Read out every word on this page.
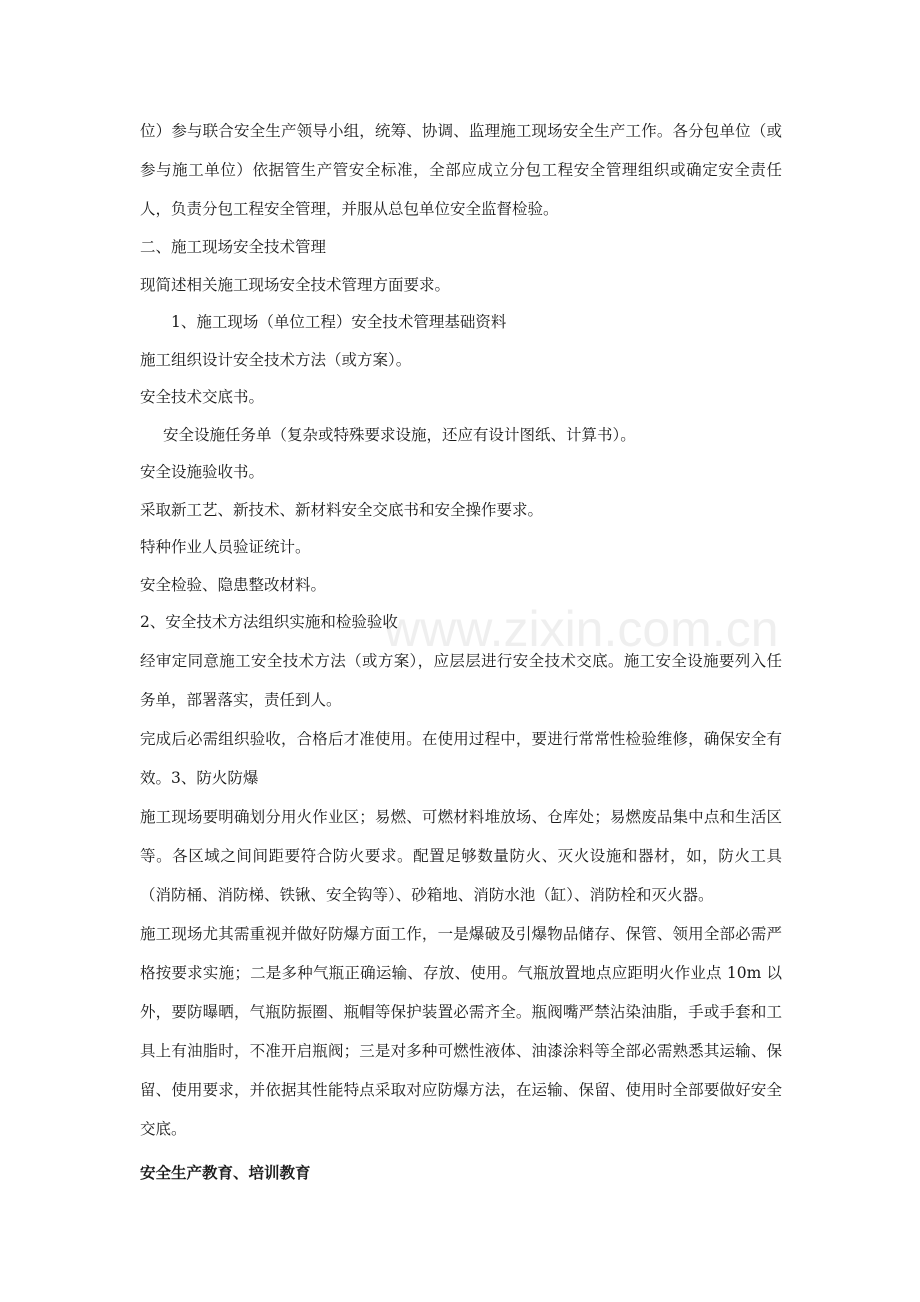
www.zixin.com.cn

位）参与联合安全生产领导小组，统筹、协调、监理施工现场安全生产工作。各分包单位（或参与施工单位）依据管生产管安全标准，全部应成立分包工程安全管理组织或确定安全责任人，负责分包工程安全管理，并服从总包单位安全监督检验。

二、施工现场安全技术管理

现简述相关施工现场安全技术管理方面要求。

1、施工现场（单位工程）安全技术管理基础资料

施工组织设计安全技术方法（或方案）。

安全技术交底书。

安全设施任务单（复杂或特殊要求设施，还应有设计图纸、计算书）。

安全设施验收书。

采取新工艺、新技术、新材料安全交底书和安全操作要求。

特种作业人员验证统计。

安全检验、隐患整改材料。

2、安全技术方法组织实施和检验验收

经审定同意施工安全技术方法（或方案），应层层进行安全技术交底。施工安全设施要列入任务单，部署落实，责任到人。

完成后必需组织验收，合格后才准使用。在使用过程中，要进行常常性检验维修，确保安全有效。3、防火防爆

施工现场要明确划分用火作业区；易燃、可燃材料堆放场、仓库处；易燃废品集中点和生活区等。各区域之间间距要符合防火要求。配置足够数量防火、灭火设施和器材，如，防火工具（消防桶、消防梯、铁锹、安全钩等）、砂箱地、消防水池（缸）、消防栓和灭火器。

施工现场尤其需重视并做好防爆方面工作，一是爆破及引爆物品储存、保管、领用全部必需严格按要求实施；二是多种气瓶正确运输、存放、使用。气瓶放置地点应距明火作业点 10m 以外，要防曝晒，气瓶防振圈、瓶帽等保护装置必需齐全。瓶阀嘴严禁沾染油脂，手或手套和工具上有油脂时，不准开启瓶阀；三是对多种可燃性液体、油漆涂料等全部必需熟悉其运输、保留、使用要求，并依据其性能特点采取对应防爆方法，在运输、保留、使用时全部要做好安全交底。

安全生产教育、培训教育
